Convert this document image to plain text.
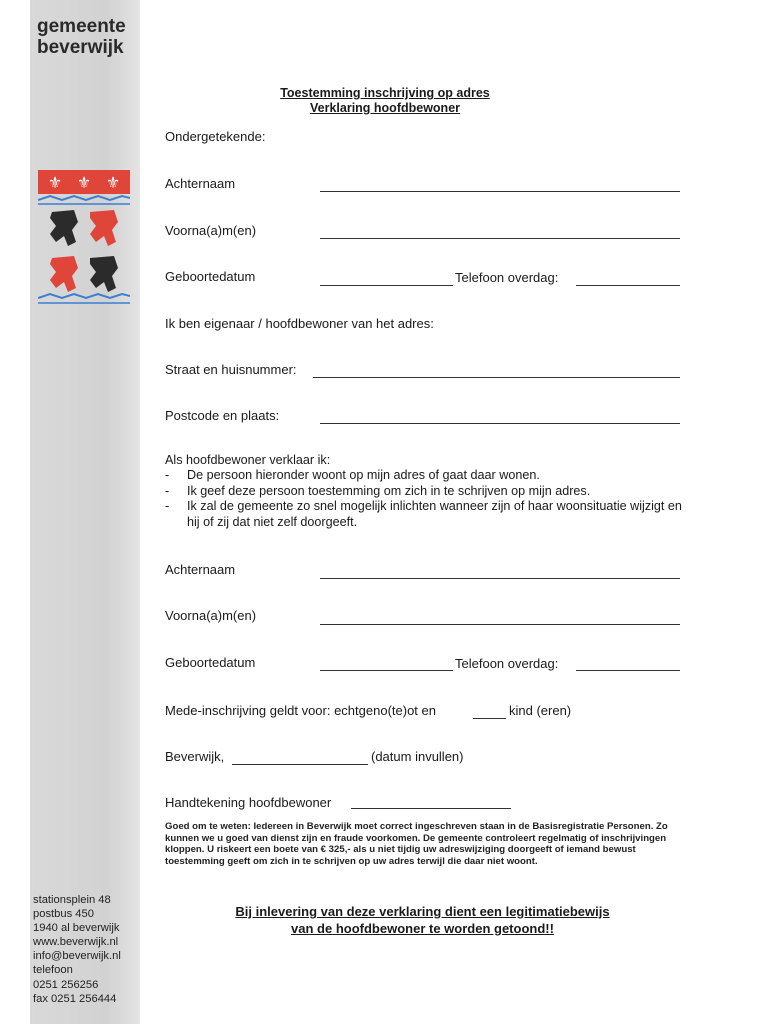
gemeente
beverwijk
⚜ ⚜ ⚜
stationsplein 48
postbus 450
1940 al beverwijk
www.beverwijk.nl
info@beverwijk.nl
telefoon
0251 256256
fax 0251 256444
Toestemming inschrijving op adres
Verklaring hoofdbewoner
Ondergetekende:
Achternaam
Voorna(a)m(en)
Geboortedatum	Telefoon overdag:
Ik ben eigenaar / hoofdbewoner van het adres:
Straat en huisnummer:
Postcode en plaats:
Als hoofdbewoner verklaar ik:
- De persoon hieronder woont op mijn adres of gaat daar wonen.
- Ik geef deze persoon toestemming om zich in te schrijven op mijn adres.
- Ik zal de gemeente zo snel mogelijk inlichten wanneer zijn of haar woonsituatie wijzigt en hij of zij dat niet zelf doorgeeft.
Achternaam
Voorna(a)m(en)
Geboortedatum	Telefoon overdag:
Mede-inschrijving geldt voor: echtgeno(te)ot en	kind (eren)
Beverwijk,	(datum invullen)
Handtekening hoofdbewoner
Goed om te weten: Iedereen in Beverwijk moet correct ingeschreven staan in de Basisregistratie Personen. Zo kunnen we u goed van dienst zijn en fraude voorkomen. De gemeente controleert regelmatig of inschrijvingen kloppen. U riskeert een boete van € 325,- als u niet tijdig uw adreswijziging doorgeeft of iemand bewust toestemming geeft om zich in te schrijven op uw adres terwijl die daar niet woont.
Bij inlevering van deze verklaring dient een legitimatiebewijs
van de hoofdbewoner te worden getoond!!
